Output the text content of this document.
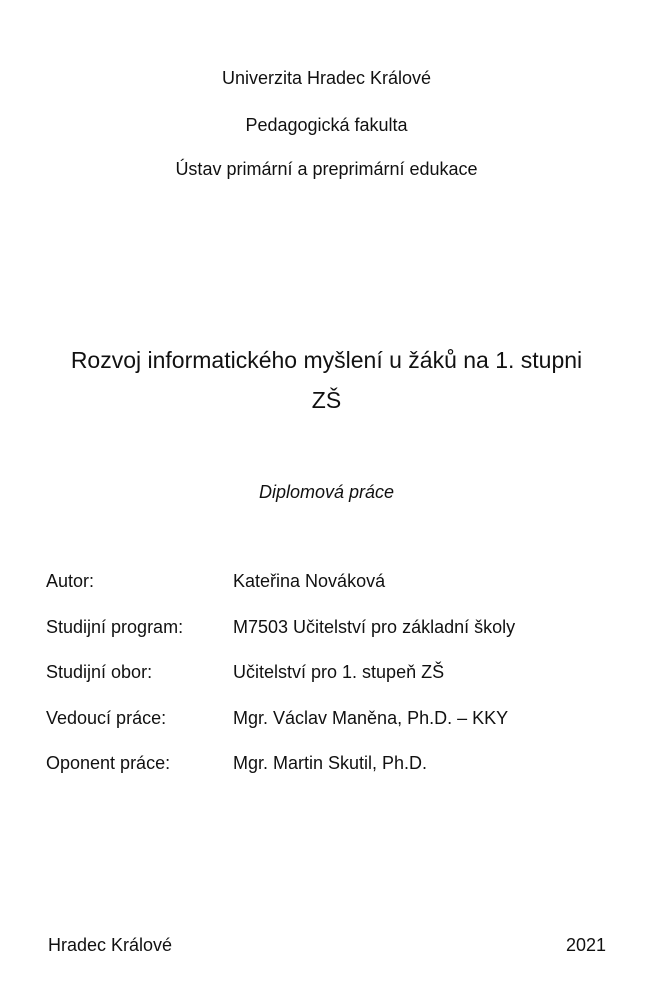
Univerzita Hradec Králové
Pedagogická fakulta
Ústav primární a preprimární edukace
Rozvoj informatického myšlení u žáků na 1. stupni
ZŠ
Diplomová práce
Autor:	Kateřina Nováková
Studijní program:	M7503 Učitelství pro základní školy
Studijní obor:	Učitelství pro 1. stupeň ZŠ
Vedoucí práce:	Mgr. Václav Maněna, Ph.D. – KKY
Oponent práce:	Mgr. Martin Skutil, Ph.D.
Hradec Králové	2021
